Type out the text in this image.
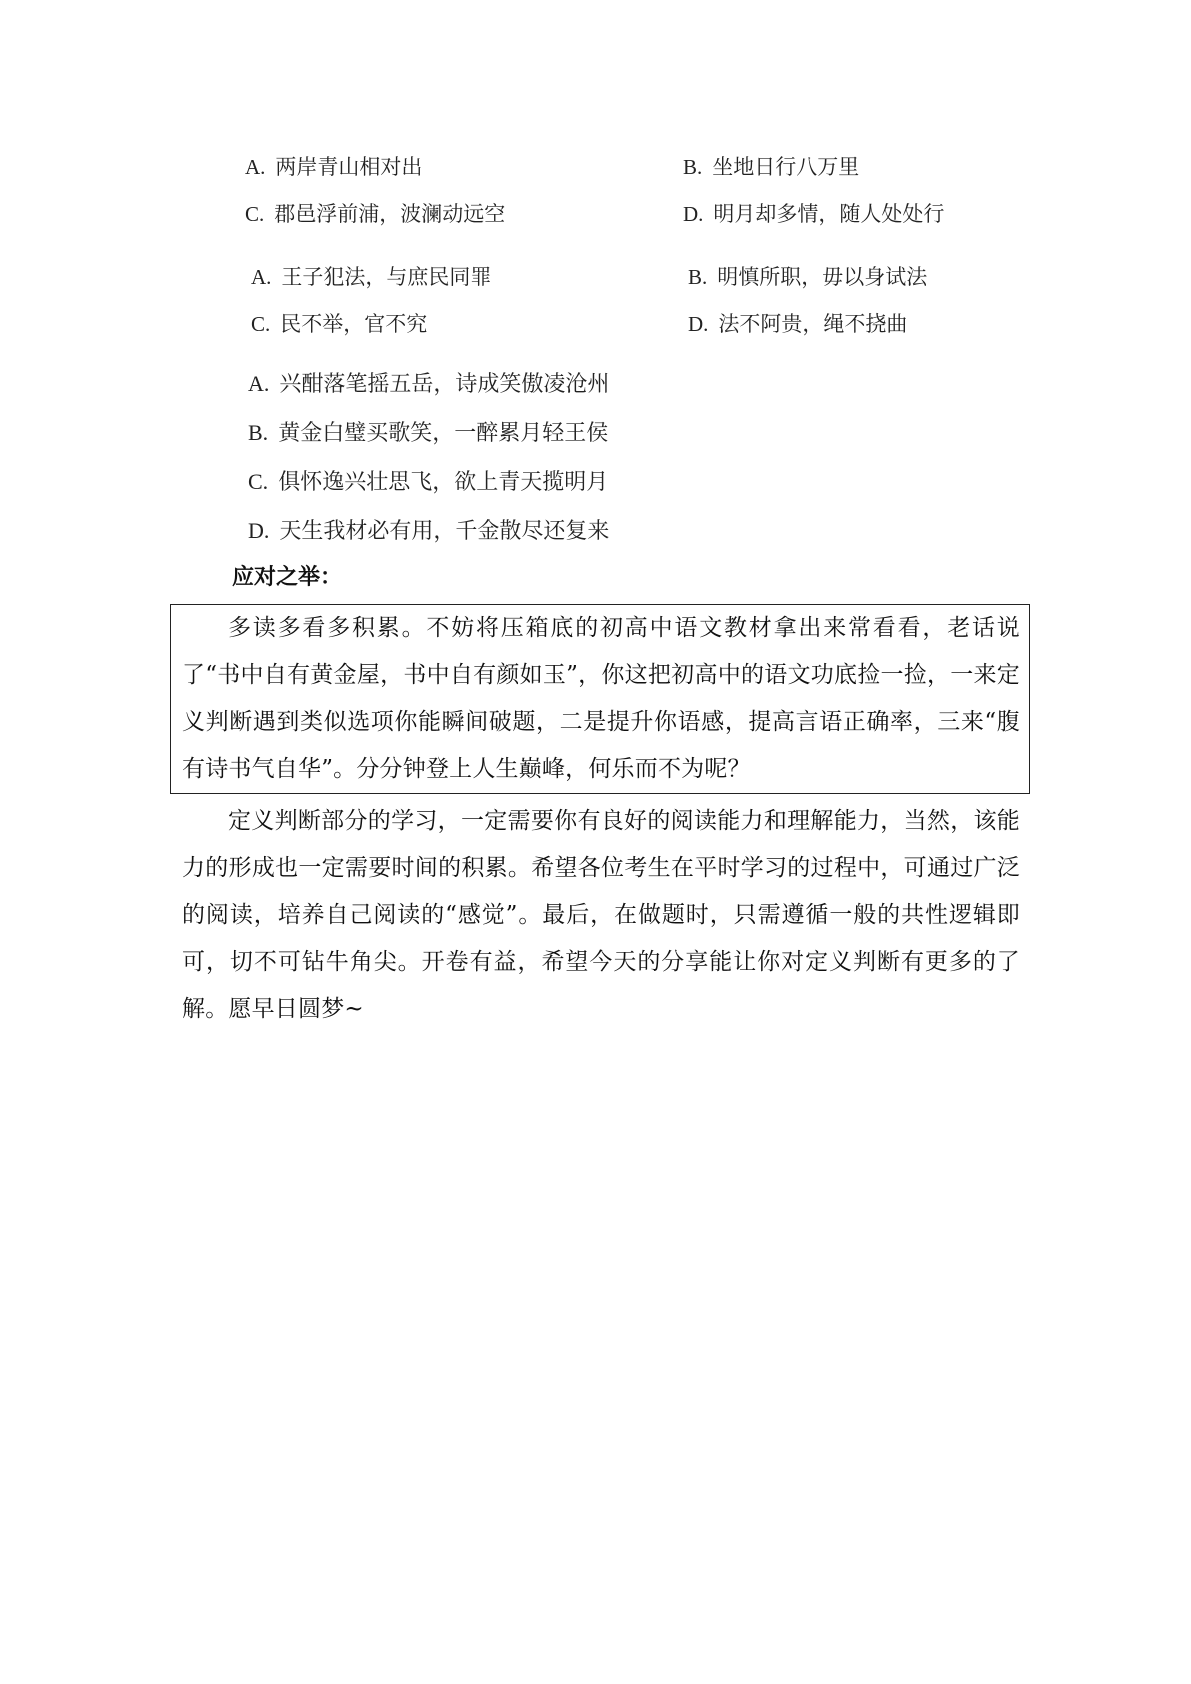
A. 两岸青山相对出	B. 坐地日行八万里
C. 郡邑浮前浦，波澜动远空	D. 明月却多情，随人处处行
A. 王子犯法，与庶民同罪	B. 明慎所职，毋以身试法
C. 民不举，官不究	D. 法不阿贵，绳不挠曲
A. 兴酣落笔摇五岳，诗成笑傲凌沧州
B. 黄金白璧买歌笑，一醉累月轻王侯
C. 俱怀逸兴壮思飞，欲上青天揽明月
D. 天生我材必有用，千金散尽还复来
应对之举：
多读多看多积累。不妨将压箱底的初高中语文教材拿出来常看看，老话说了“书中自有黄金屋，书中自有颜如玉”，你这把初高中的语文功底捡一捡，一来定义判断遇到类似选项你能瞬间破题，二是提升你语感，提高言语正确率，三来“腹有诗书气自华”。分分钟登上人生巅峰，何乐而不为呢？
定义判断部分的学习，一定需要你有良好的阅读能力和理解能力，当然，该能力的形成也一定需要时间的积累。希望各位考生在平时学习的过程中，可通过广泛的阅读，培养自己阅读的“感觉”。最后，在做题时，只需遵循一般的共性逻辑即可，切不可钻牛角尖。开卷有益，希望今天的分享能让你对定义判断有更多的了解。愿早日圆梦~
